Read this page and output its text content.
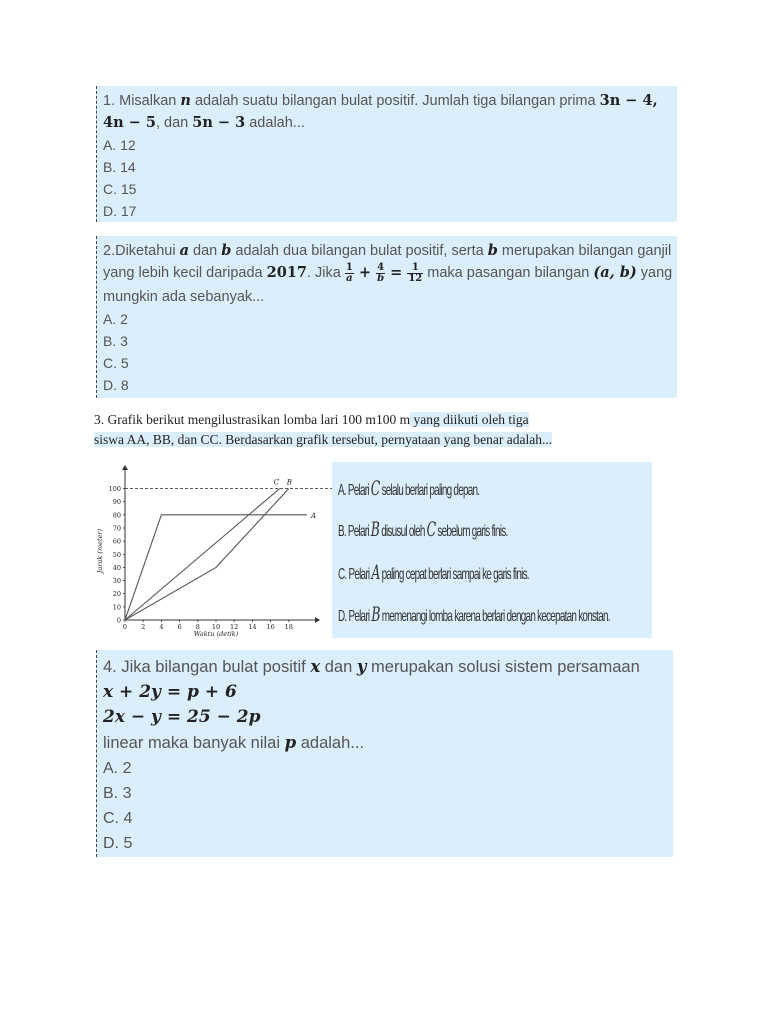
1. Misalkan n adalah suatu bilangan bulat positif. Jumlah tiga bilangan prima 3n − 4,
4n − 5, dan 5n − 3 adalah...
A. 12
B. 14
C. 15
D. 17
2.Diketahui a dan b adalah dua bilangan bulat positif, serta b merupakan bilangan ganjil
yang lebih kecil daripada 2017. Jika $\frac{1}{a} + \frac{4}{b} = \frac{1}{12}$ maka pasangan bilangan (a, b) yang
mungkin ada sebanyak...
A. 2
B. 3
C. 5
D. 8
3. Grafik berikut mengilustrasikan lomba lari 100 m100 m yang diikuti oleh tiga
siswa AA, BB, dan CC. Berdasarkan grafik tersebut, pernyataan yang benar adalah...
0
10
20
30
40
50
60
70
80
90
100
0 2 4 6 8 10 12 14 16 18
Waktu (detik)
Jarak (meter)
A
B
C	A. Pelari C selalu berlari paling depan.
B. Pelari B disusul oleh C sebelum garis finis.
C. Pelari A paling cepat berlari sampai ke garis finis.
D. Pelari B memenangi lomba karena berlari dengan kecepatan konstan.
4. Jika bilangan bulat positif x dan y merupakan solusi sistem persamaan
x + 2y = p + 6
2x − y = 25 − 2p
linear maka banyak nilai p adalah...
A. 2
B. 3
C. 4
D. 5
